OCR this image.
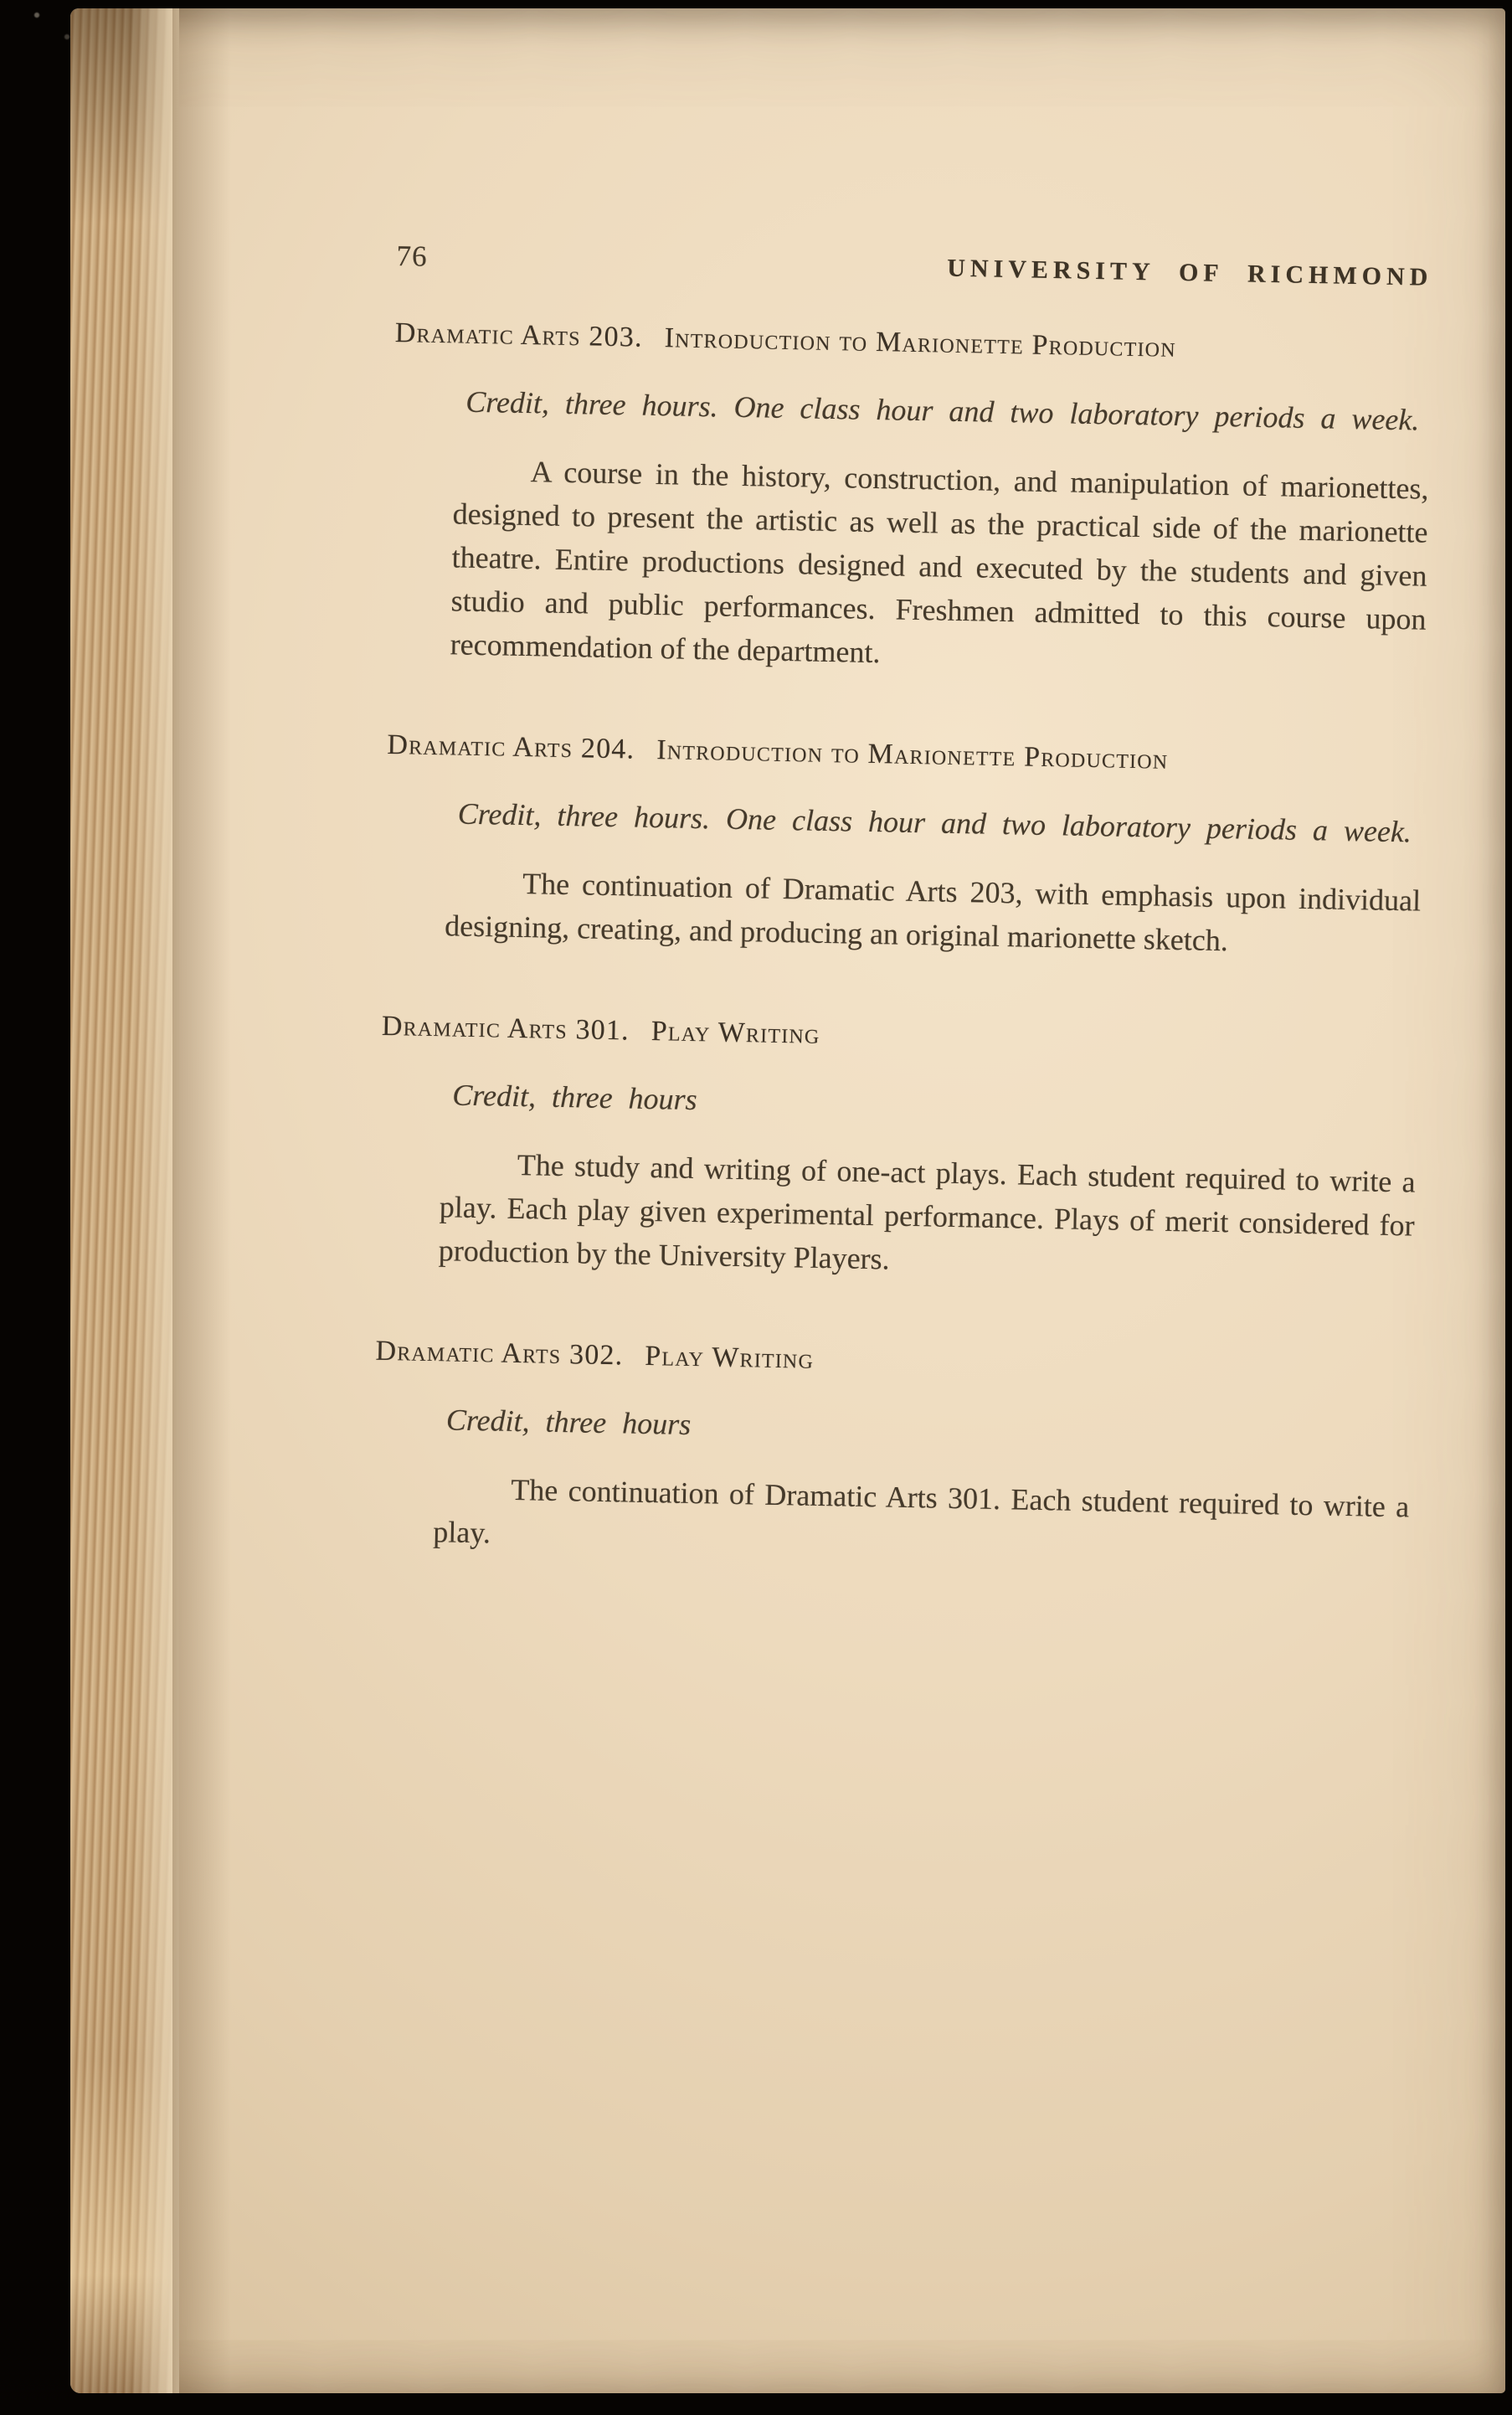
76	UNIVERSITY OF RICHMOND
Dramatic Arts 203. Introduction to Marionette Production
Credit, three hours. One class hour and two laboratory periods a week.
A course in the history, construction, and manipulation of marionettes, designed to present the artistic as well as the practical side of the marionette theatre. Entire productions designed and executed by the students and given studio and public performances. Freshmen admitted to this course upon recommendation of the department.
Dramatic Arts 204. Introduction to Marionette Production
Credit, three hours. One class hour and two laboratory periods a week.
The continuation of Dramatic Arts 203, with emphasis upon individual designing, creating, and producing an original marionette sketch.
Dramatic Arts 301. Play Writing
Credit, three hours
The study and writing of one-act plays. Each student required to write a play. Each play given experimental performance. Plays of merit considered for production by the University Players.
Dramatic Arts 302. Play Writing
Credit, three hours
The continuation of Dramatic Arts 301. Each student required to write a play.
